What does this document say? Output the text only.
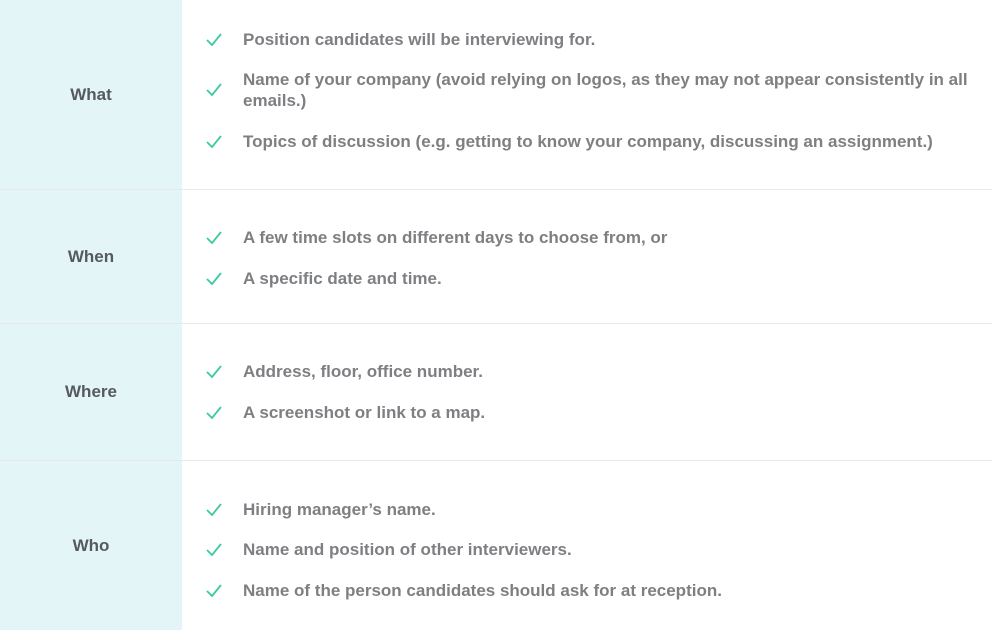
What
Position candidates will be interviewing for.
Name of your company (avoid relying on logos, as they may not appear consistently in all emails.)
Topics of discussion (e.g. getting to know your company, discussing an assignment.)
When
A few time slots on different days to choose from, or
A specific date and time.
Where
Address, floor, office number.
A screenshot or link to a map.
Who
Hiring manager’s name.
Name and position of other interviewers.
Name of the person candidates should ask for at reception.
